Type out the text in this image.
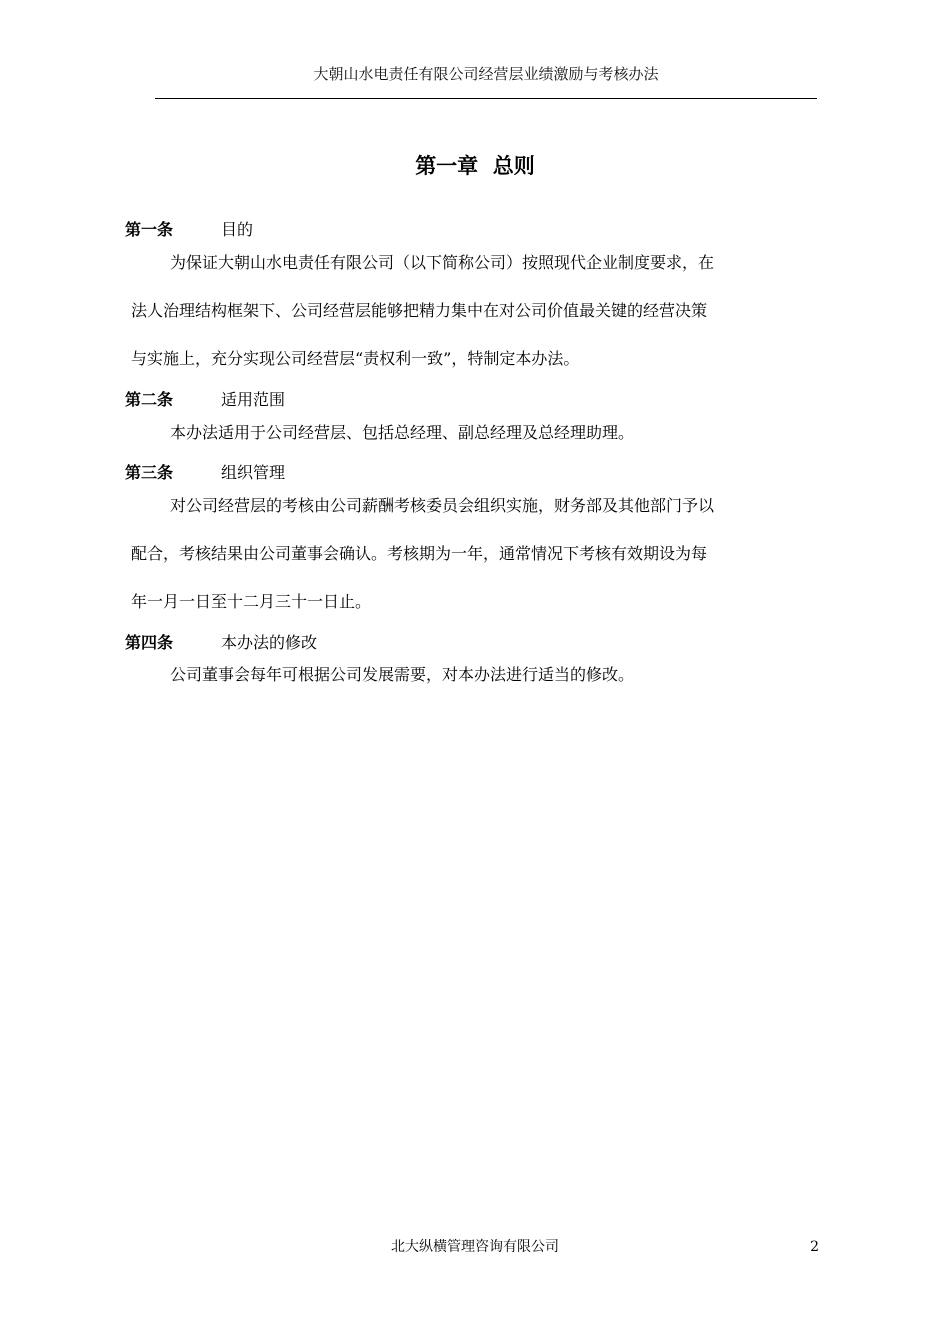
大朝山水电责任有限公司经营层业绩激励与考核办法
第一章  总则
第一条	目的
为保证大朝山水电责任有限公司（以下简称公司）按照现代企业制度要求，在
法人治理结构框架下、公司经营层能够把精力集中在对公司价值最关键的经营决策
与实施上，充分实现公司经营层“责权利一致”，特制定本办法。
第二条	适用范围
本办法适用于公司经营层、包括总经理、副总经理及总经理助理。
第三条	组织管理
对公司经营层的考核由公司薪酬考核委员会组织实施，财务部及其他部门予以
配合，考核结果由公司董事会确认。考核期为一年，通常情况下考核有效期设为每
年一月一日至十二月三十一日止。
第四条	本办法的修改
公司董事会每年可根据公司发展需要，对本办法进行适当的修改。
北大纵横管理咨询有限公司	2
